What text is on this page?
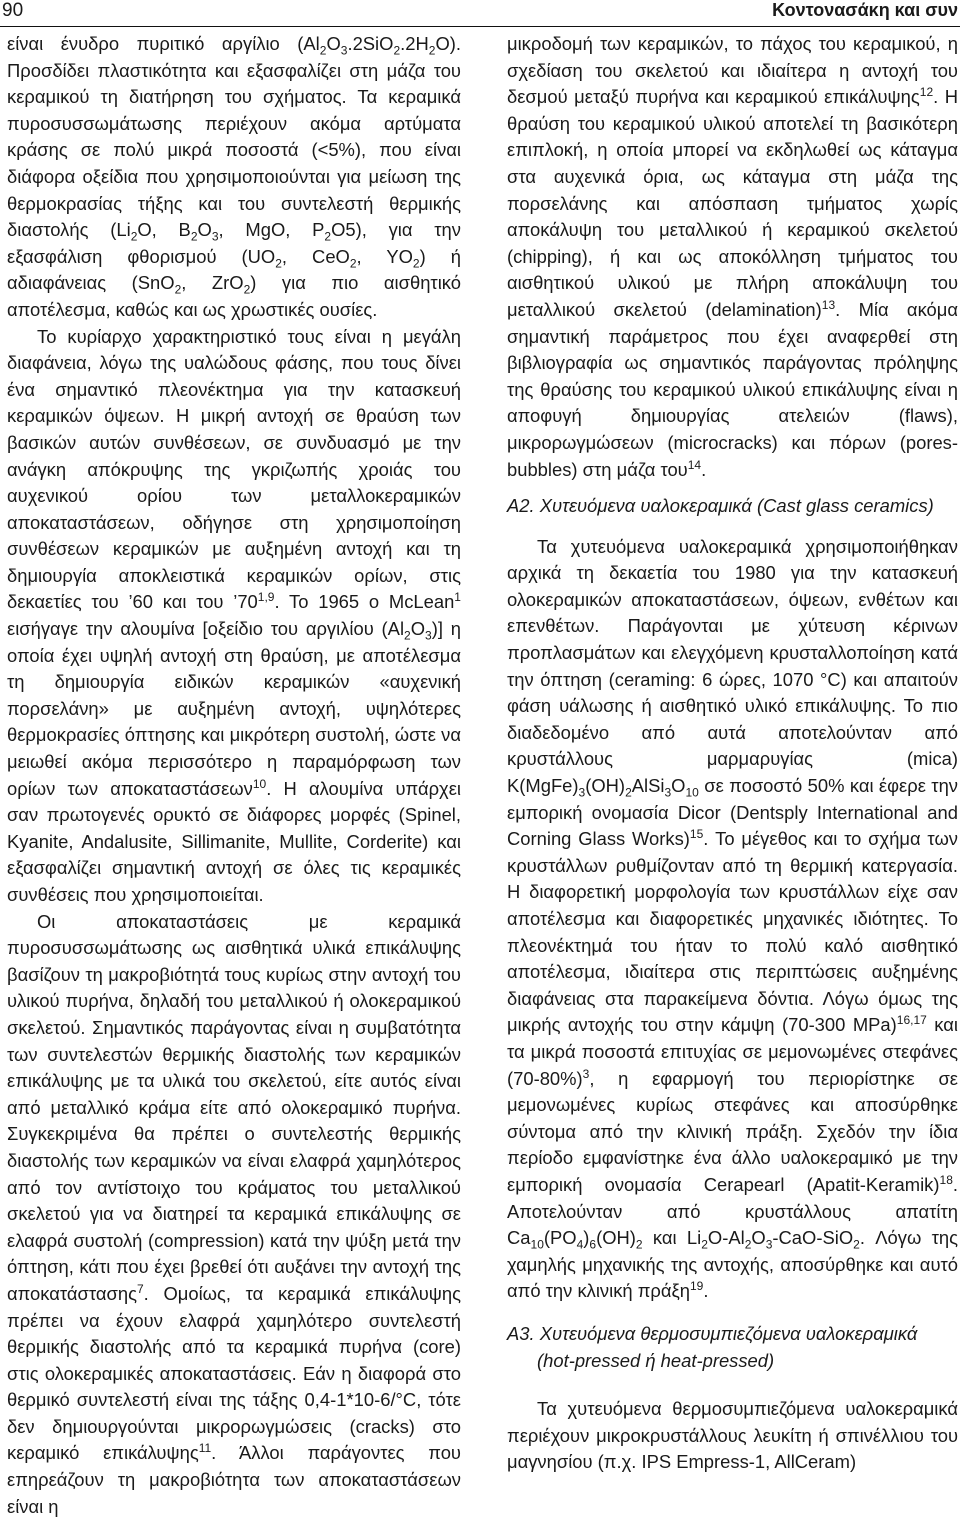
90	Κοντονασάκη και συν

είναι ένυδρο πυριτικό αργίλιο $(Al_2O_3.2SiO_2.2H_2O)$. Προσδίδει πλαστικότητα και εξασφαλίζει στη μάζα του κεραμικού τη διατήρηση του σχήματος. Τα κεραμικά πυροσυσσωμάτωσης περιέχουν ακόμα αρτύματα κράσης σε πολύ μικρά ποσοστά (<5%), που είναι διάφορα οξείδια που χρησιμοποιούνται για μείωση της θερμοκρασίας τήξης και του συντελεστή θερμικής διαστολής ($Li_2O$, $B_2O_3$, MgO, $P_2O5$), για την εξασφάλιση φθορισμού ($UO_2$, CeO$_2$, $YO_2$) ή αδιαφάνειας (SnO$_2$, ZrO$_2$) για πιο αισθητικό αποτέλεσμα, καθώς και ως χρωστικές ουσίες.

Το κυρίαρχο χαρακτηριστικό τους είναι η μεγάλη διαφάνεια, λόγω της υαλώδους φάσης, που τους δίνει ένα σημαντικό πλεονέκτημα για την κατασκευή κεραμικών όψεων. Η μικρή αντοχή σε θραύση των βασικών αυτών συνθέσεων, σε συνδυασμό με την ανάγκη απόκρυψης της γκριζωπής χροιάς του αυχενικού ορίου των μεταλλοκεραμικών αποκαταστάσεων, οδήγησε στη χρησιμοποίηση συνθέσεων κεραμικών με αυξημένη αντοχή και τη δημιουργία αποκλειστικά κεραμικών ορίων, στις δεκαετίες του ’60 και του ’70$^{1,9}$. Το 1965 ο McLean$^1$ εισήγαγε την αλουμίνα [οξείδιο του αργιλίου $(Al_2O_3)$] η οποία έχει υψηλή αντοχή στη θραύση, με αποτέλεσμα τη δημιουργία ειδικών κεραμικών «αυχενική πορσελάνη» με αυξημένη αντοχή, υψηλότερες θερμοκρασίες όπτησης και μικρότερη συστολή, ώστε να μειωθεί ακόμα περισσότερο η παραμόρφωση των ορίων των αποκαταστάσεων$^{10}$. Η αλουμίνα υπάρχει σαν πρωτογενές ορυκτό σε διάφορες μορφές (Spinel, Kyanite, Andalusite, Sillimanite, Mullite, Corderite) και εξασφαλίζει σημαντική αντοχή σε όλες τις κεραμικές συνθέσεις που χρησιμοποιείται.

Οι αποκαταστάσεις με κεραμικά πυροσυσσωμάτωσης ως αισθητικά υλικά επικάλυψης βασίζουν τη μακροβιότητά τους κυρίως στην αντοχή του υλικού πυρήνα, δηλαδή του μεταλλικού ή ολοκεραμικού σκελετού. Σημαντικός παράγοντας είναι η συμβατότητα των συντελεστών θερμικής διαστολής των κεραμικών επικάλυψης με τα υλικά του σκελετού, είτε αυτός είναι από μεταλλικό κράμα είτε από ολοκεραμικό πυρήνα. Συγκεκριμένα θα πρέπει ο συντελεστής θερμικής διαστολής των κεραμικών να είναι ελαφρά χαμηλότερος από τον αντίστοιχο του κράματος του μεταλλικού σκελετού για να διατηρεί τα κεραμικά επικάλυψης σε ελαφρά συστολή (compression) κατά την ψύξη μετά την όπτηση, κάτι που έχει βρεθεί ότι αυξάνει την αντοχή της αποκατάστασης$^7$. Ομοίως, τα κεραμικά επικάλυψης πρέπει να έχουν ελαφρά χαμηλότερο συντελεστή θερμικής διαστολής από τα κεραμικά πυρήνα (core) στις ολοκεραμικές αποκαταστάσεις. Εάν η διαφορά στο θερμικό συντελεστή είναι της τάξης 0,4-1*10-6/°C, τότε δεν δημιουργούνται μικρορωγμώσεις (cracks) στο κεραμικό επικάλυψης$^{11}$. Άλλοι παράγοντες που επηρεάζουν τη μακροβιότητα των αποκαταστάσεων είναι η

μικροδομή των κεραμικών, το πάχος του κεραμικού, η σχεδίαση του σκελετού και ιδιαίτερα η αντοχή του δεσμού μεταξύ πυρήνα και κεραμικού επικάλυψης$^{12}$. Η θραύση του κεραμικού υλικού αποτελεί τη βασικότερη επιπλοκή, η οποία μπορεί να εκδηλωθεί ως κάταγμα στα αυχενικά όρια, ως κάταγμα στη μάζα της πορσελάνης και απόσπαση τμήματος χωρίς αποκάλυψη του μεταλλικού ή κεραμικού σκελετού (chipping), ή και ως αποκόλληση τμήματος του αισθητικού υλικού με πλήρη αποκάλυψη του μεταλλικού σκελετού (delamination)$^{13}$. Μία ακόμα σημαντική παράμετρος που έχει αναφερθεί στη βιβλιογραφία ως σημαντικός παράγοντας πρόληψης της θραύσης του κεραμικού υλικού επικάλυψης είναι η αποφυγή δημιουργίας ατελειών (flaws), μικρορωγμώσεων (microcracks) και πόρων (pores-bubbles) στη μάζα του$^{14}$.

A2. Χυτευόμενα υαλοκεραμικά (Cast glass ceramics)

Τα χυτευόμενα υαλοκεραμικά χρησιμοποιήθηκαν αρχικά τη δεκαετία του 1980 για την κατασκευή ολοκεραμικών αποκαταστάσεων, όψεων, ενθέτων και επενθέτων. Παράγονται με χύτευση κέρινων προπλασμάτων και ελεγχόμενη κρυσταλλοποίηση κατά την όπτηση (ceraming: 6 ώρες, 1070 °C) και απαιτούν φάση υάλωσης ή αισθητικό υλικό επικάλυψης. Το πιο διαδεδομένο από αυτά αποτελούνταν από κρυστάλλους μαρμαρυγίας (mica) $K(MgFe)_3(OH)_2AlSi_3O_{10}$ σε ποσοστό 50% και έφερε την εμπορική ονομασία Dicor (Dentsply International and Corning Glass Works)$^{15}$. Το μέγεθος και το σχήμα των κρυστάλλων ρυθμίζονταν από τη θερμική κατεργασία. Η διαφορετική μορφολογία των κρυστάλλων είχε σαν αποτέλεσμα και διαφορετικές μηχανικές ιδιότητες. Το πλεονέκτημά του ήταν το πολύ καλό αισθητικό αποτέλεσμα, ιδιαίτερα στις περιπτώσεις αυξημένης διαφάνειας στα παρακείμενα δόντια. Λόγω όμως της μικρής αντοχής του στην κάμψη (70-300 MPa)$^{16,17}$ και τα μικρά ποσοστά επιτυχίας σε μεμονωμένες στεφάνες $(70-80\%)^3$, η εφαρμογή του περιορίστηκε σε μεμονωμένες κυρίως στεφάνες και αποσύρθηκε σύντομα από την κλινική πράξη. Σχεδόν την ίδια περίοδο εμφανίστηκε ένα άλλο υαλοκεραμικό με την εμπορική ονομασία Cerapearl (Apatit-Keramik)$^{18}$. Αποτελούνταν από κρυστάλλους απατίτη $Ca_{10}(PO_4)_6(OH)_2$ και $Li_2O-Al_2O_3-CaO-SiO_2$. Λόγω της χαμηλής μηχανικής της αντοχής, αποσύρθηκε και αυτό από την κλινική πράξη$^{19}$.

A3. Χυτευόμενα θερμοσυμπιεζόμενα υαλοκεραμικά

(hot-pressed ή heat-pressed)

Τα χυτευόμενα θερμοσυμπιεζόμενα υαλοκεραμικά περιέχουν μικροκρυστάλλους λευκίτη ή σπινέλλιου του μαγνησίου (π.χ. IPS Empress-1, AllCeram)
